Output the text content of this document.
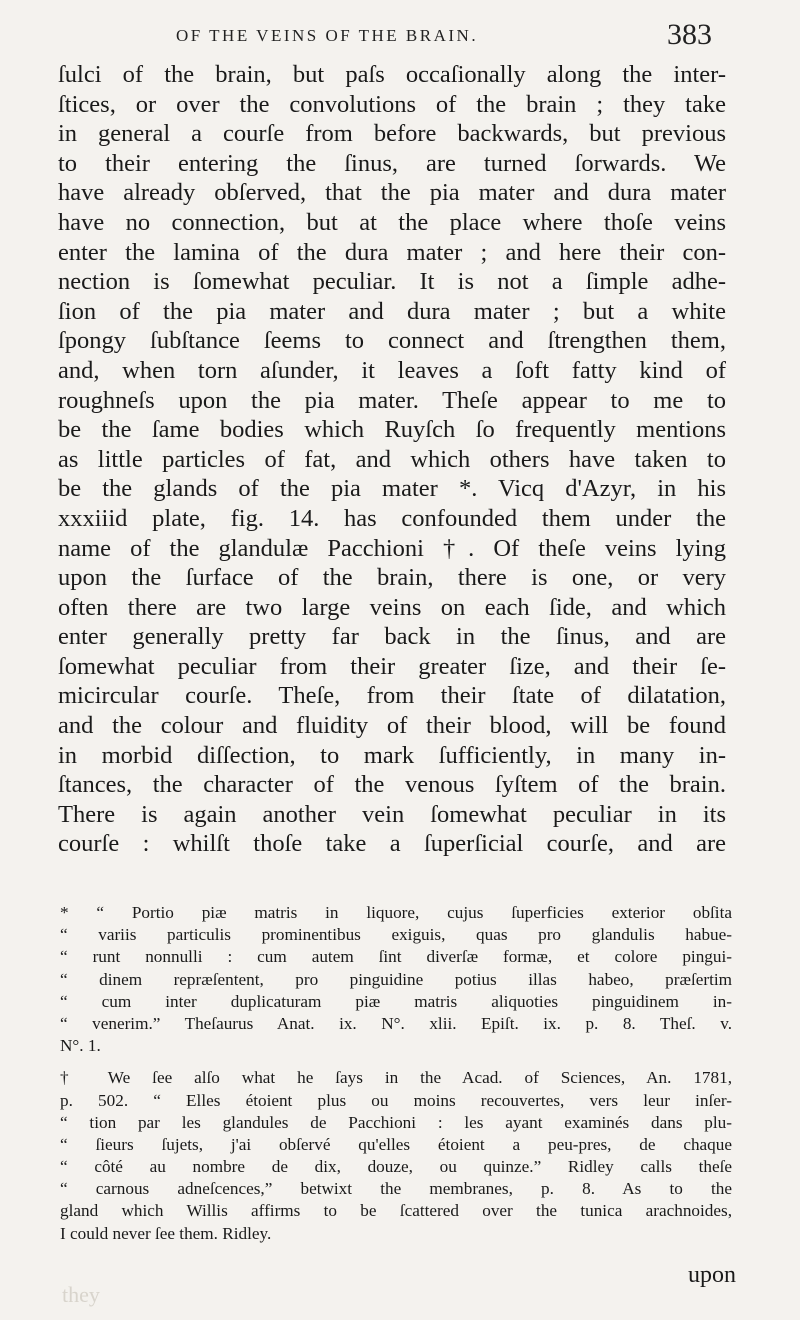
OF THE VEINS OF THE BRAIN.	383
ſulci of the brain, but paſs occaſionally along the inter-
ſtices, or over the convolutions of the brain ; they take
in general a courſe from before backwards, but previous
to their entering the ſinus, are turned ſorwards. We
have already obſerved, that the pia mater and dura mater
have no connection, but at the place where thoſe veins
enter the lamina of the dura mater ; and here their con-
nection is ſomewhat peculiar. It is not a ſimple adhe-
ſion of the pia mater and dura mater ; but a white
ſpongy ſubſtance ſeems to connect and ſtrengthen them,
and, when torn aſunder, it leaves a ſoft fatty kind of
roughneſs upon the pia mater. Theſe appear to me to
be the ſame bodies which Ruyſch ſo frequently mentions
as little particles of fat, and which others have taken to
be the glands of the pia mater *. Vicq d'Azyr, in his
xxxiiid plate, fig. 14. has confounded them under the
name of the glandulæ Pacchioni †. Of theſe veins lying
upon the ſurface of the brain, there is one, or very
often there are two large veins on each ſide, and which
enter generally pretty far back in the ſinus, and are
ſomewhat peculiar from their greater ſize, and their ſe-
micircular courſe. Theſe, from their ſtate of dilatation,
and the colour and fluidity of their blood, will be found
in morbid diſſection, to mark ſufficiently, in many in-
ſtances, the character of the venous ſyſtem of the brain.
There is again another vein ſomewhat peculiar in its
courſe : whilſt thoſe take a ſuperſicial courſe, and are
* “ Portio piæ matris in liquore, cujus ſuperficies exterior obſita
“ variis particulis prominentibus exiguis, quas pro glandulis habue-
“ runt nonnulli : cum autem ſint diverſæ formæ, et colore pingui-
“ dinem repræſentent, pro pinguidine potius illas habeo, præſertim
“ cum inter duplicaturam piæ matris aliquoties pinguidinem in-
“ venerim.” Theſaurus Anat. ix. N°. xlii. Epiſt. ix. p. 8. Theſ. v.
N°. 1.
† We ſee alſo what he ſays in the Acad. of Sciences, An. 1781,
p. 502. “ Elles étoient plus ou moins recouvertes, vers leur inſer-
“ tion par les glandules de Pacchioni : les ayant examinés dans plu-
“ ſieurs ſujets, j'ai obſervé qu'elles étoient a peu-pres, de chaque
“ côté au nombre de dix, douze, ou quinze.” Ridley calls theſe
“ carnous adneſcences,” betwixt the membranes, p. 8. As to the
gland which Willis affirms to be ſcattered over the tunica arachnoides,
I could never ſee them. Ridley.
upon
they
